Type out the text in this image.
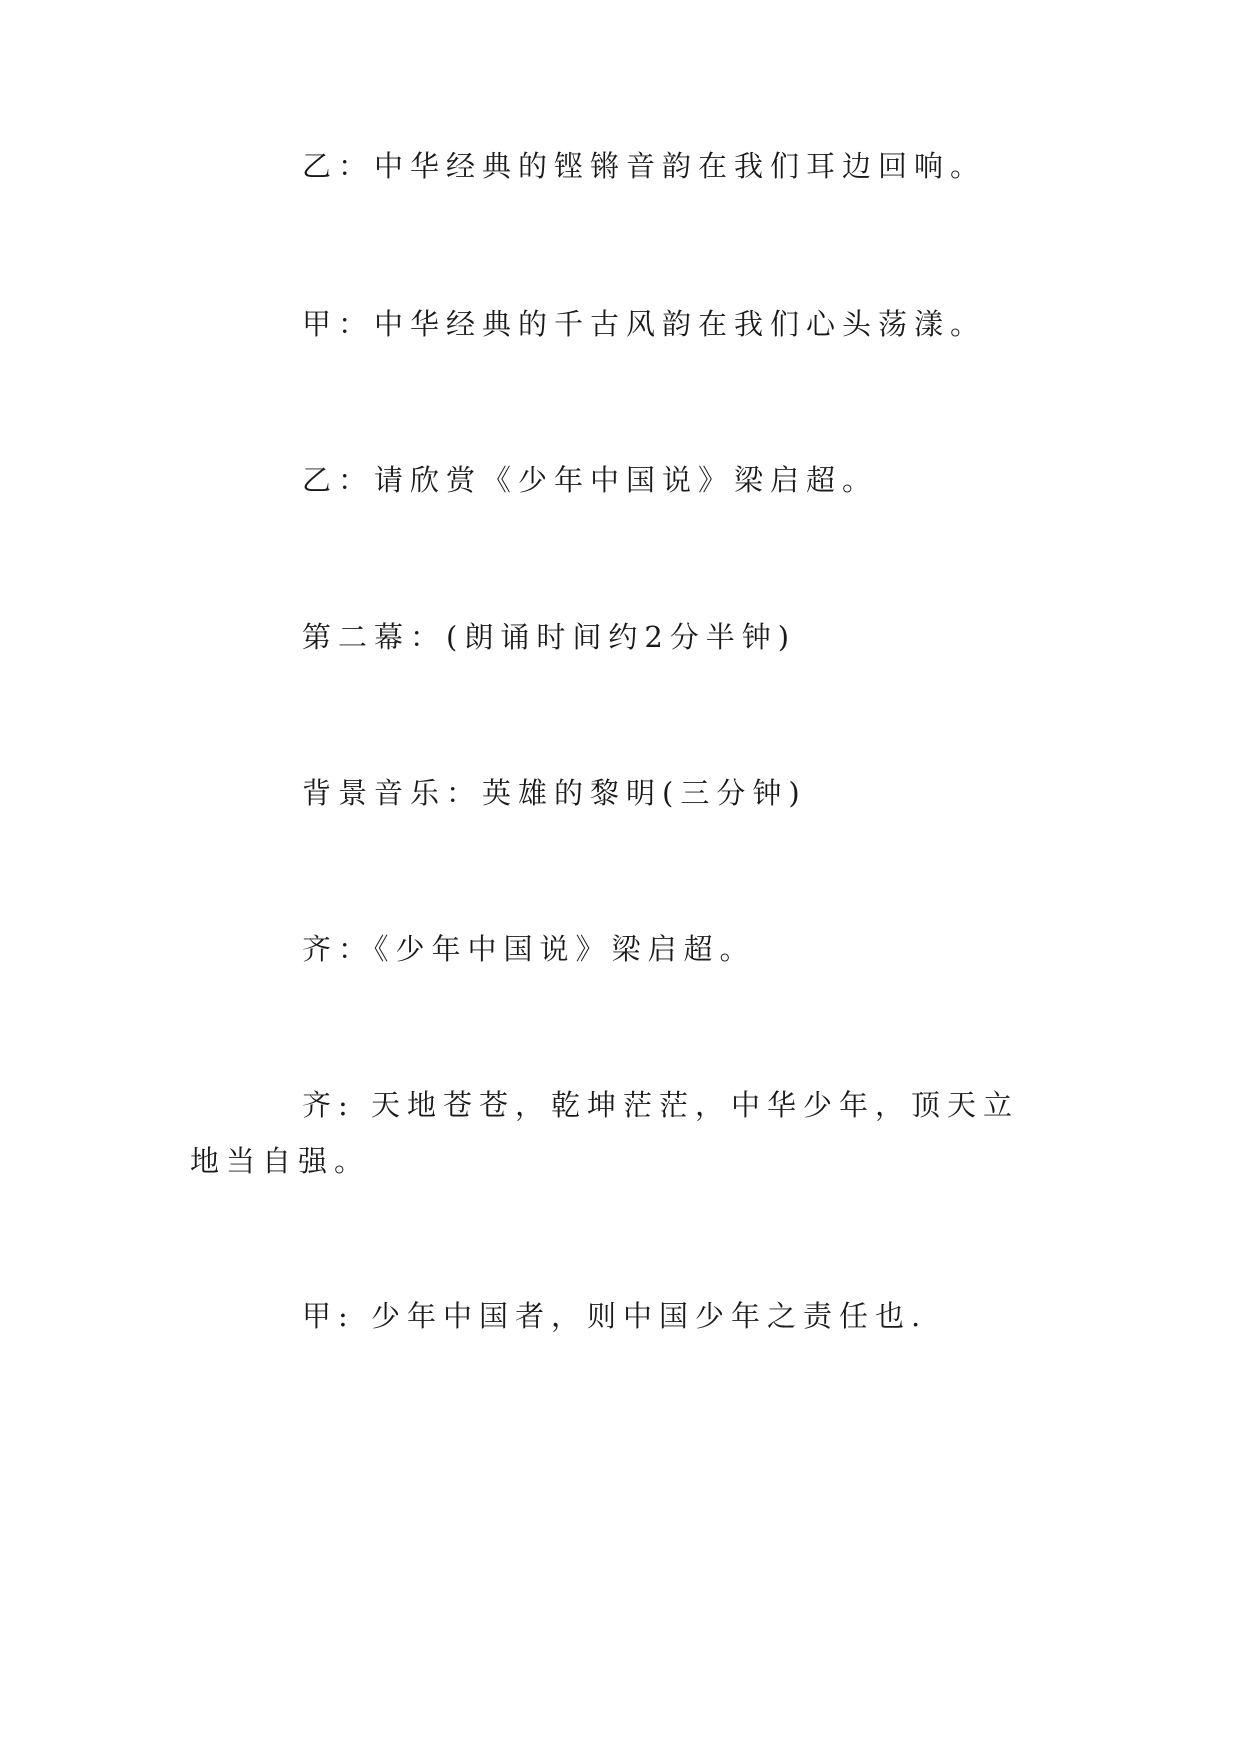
乙：中华经典的铿锵音韵在我们耳边回响。

甲：中华经典的千古风韵在我们心头荡漾。

乙：请欣赏《少年中国说》梁启超。

第二幕：(朗诵时间约2分半钟)

背景音乐：英雄的黎明(三分钟)

齐：《少年中国说》梁启超。

齐: 天地苍苍，乾坤茫茫，中华少年，顶天立地当自强。

甲: 少年中国者，则中国少年之责任也.
